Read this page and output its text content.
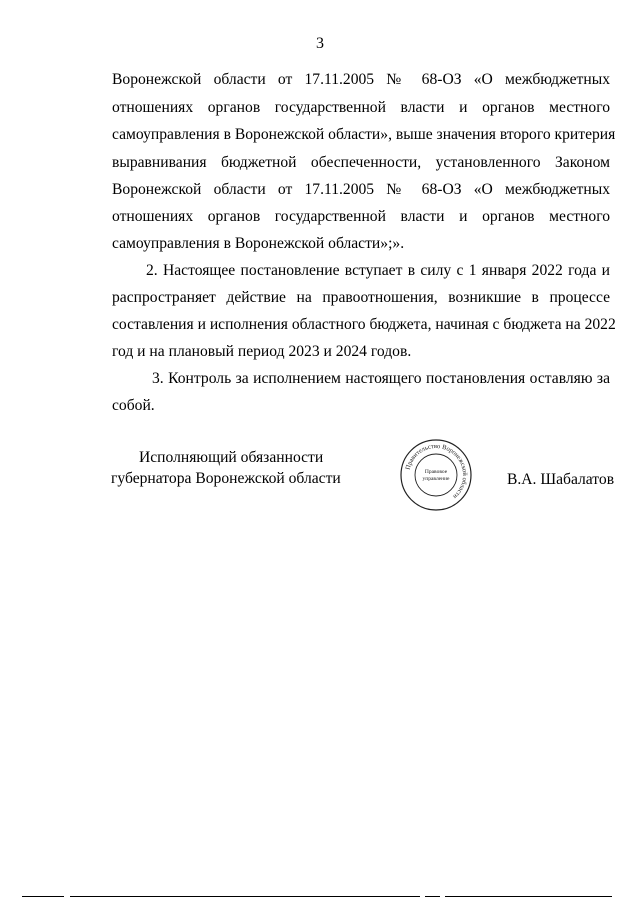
3
Воронежской области от 17.11.2005 № 68-ОЗ «О межбюджетных
отношениях органов государственной власти и органов местного
самоуправления в Воронежской области», выше значения второго критерия
выравнивания бюджетной обеспеченности, установленного Законом
Воронежской области от 17.11.2005 № 68-ОЗ «О межбюджетных
отношениях органов государственной власти и органов местного
самоуправления в Воронежской области»;».
2. Настоящее постановление вступает в силу с 1 января 2022 года и
распространяет действие на правоотношения, возникшие в процессе
составления и исполнения областного бюджета, начиная с бюджета на 2022
год и на плановый период 2023 и 2024 годов.
3. Контроль за исполнением настоящего постановления оставляю за
собой.
Исполняющий обязанности
губернатора Воронежской области
Правительство Воронежской области
Правовое
управление	В.А. Шабалатов
